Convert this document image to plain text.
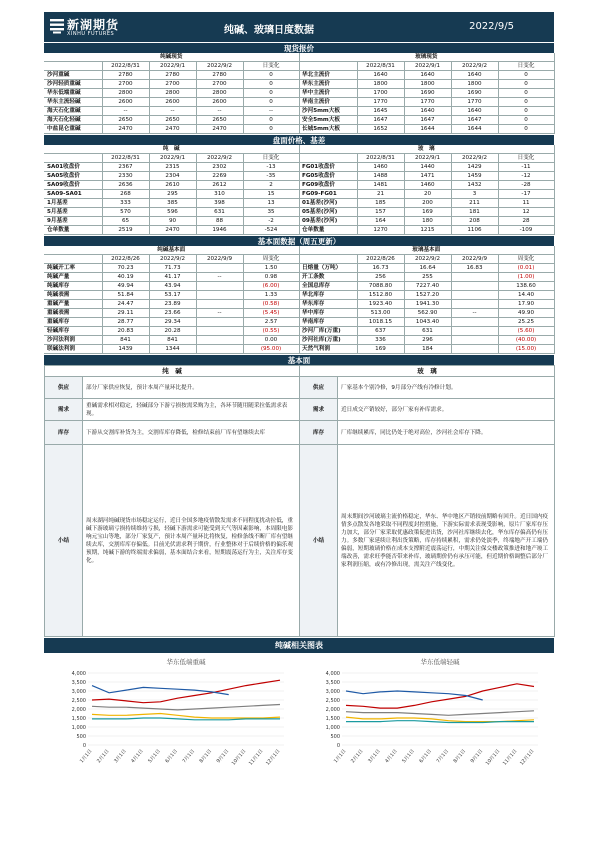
新湖期货
XINHU FUTURES	纯碱、玻璃日度数据	2022/9/5
现货报价
纯碱现货				
	2022/8/31	2022/9/1	2022/9/2	日变化
沙河重碱	2780	2780	2780	0
沙河轻质重碱	2700	2700	2700	0
华东低端重碱	2800	2800	2800	0
华东主流轻碱	2600	2600	2600	0
海天石化重碱	--	--	--	--
海天石化轻碱	2650	2650	2650	0
中盐昆仑重碱	2470	2470	2470	0
玻璃现货				
	2022/8/31	2022/9/1	2022/9/2	日变化
华北主流价	1640	1640	1640	0
华东主流价	1800	1800	1800	0
华中主流价	1700	1690	1690	0
华南主流价	1770	1770	1770	0
沙河5mm大板	1645	1640	1640	0
安全5mm大板	1647	1647	1647	0
长城5mm大板	1652	1644	1644	0
盘面价格、基差
纯　碱				
	2022/8/31	2022/9/1	2022/9/2	日变化
SA01收盘价	2367	2315	2302	-13
SA05收盘价	2330	2304	2269	-35
SA09收盘价	2636	2610	2612	2
SA09-SA01	268	295	310	15
1月基差	333	385	398	13
5月基差	570	596	631	35
9月基差	65	90	88	-2
仓单数量	2519	2470	1946	-524
玻　璃				
	2022/8/31	2022/9/1	2022/9/2	日变化
FG01收盘价	1460	1440	1429	-11
FG05收盘价	1488	1471	1459	-12
FG09收盘价	1481	1460	1432	-28
FG09-FG01	21	20	3	-17
01基差(沙河)	185	200	211	11
05基差(沙河)	157	169	181	12
09基差(沙河)	164	180	208	28
仓单数量	1270	1215	1106	-109
基本面数据（周五更新）
纯碱基本面				
	2022/8/26	2022/9/2	2022/9/9	周变化
纯碱开工率	70.23	71.73		1.50
纯碱产量	40.19	41.17	--	0.98
纯碱库存	49.94	43.94		(6.00)
纯碱表需	51.84	53.17		1.33
重碱产量	24.47	23.89		(0.58)
重碱表需	29.11	23.66	--	(5.45)
重碱库存	28.77	29.34		2.57
轻碱库存	20.83	20.28		(0.55)
沙河法利润	841	841		0.00
联碱法利润	1439	1344		(95.00)
玻璃基本面				
	2022/8/26	2022/9/2	2022/9/9	周变化
日熔量（万吨）	16.73	16.64	16.83	(0.01)
开工条数	256	255		(1.00)
全国总库存	7088.80	7227.40		138.60
华北库存	1512.80	1527.20		14.40
华东库存	1923.40	1941.30		17.90
华中库存	513.00	562.90	--	49.90
华南库存	1018.15	1043.40		25.25
沙河厂库(万重)	637	631		(5.60)
沙河社库(万重)	336	296		(40.00)
天然气利润	169	184		(15.00)
基本面
纯　碱		玻　璃	
供应	部分厂家供应恢复，预计本周产量环比提升。	供应	厂家基本个别冷修，9月部分产线有冷修计划。
需求	重碱需求相对稳定，轻碱部分下游亏损按需采购为主，各环节随用随采拉低需求表现。	需求	近日成交产销较好，部分厂家有补库需求。
库存	下游从交割库补货为主，交割库库存降低，检修结束前厂库有望继续去库	库存	厂库继续累库，同比仍处于绝对高位，沙河社会库存下降。
小结	周末湖河纯碱现货市场稳定运行，近日全国多地疫情散发需求不同程度扰动拉低，重碱下游玻璃亏损持续维持亏损，轻碱下游需求可能受到天气等因素影响，本周限电影响元宝山等地，部分厂家复产，预计本周产量环比将恢复，检修条线不断厂库有望继续去库，交割库库存偏低。目前光伏需求利于期价，行业整体对于后续价格的偏乐观预期，纯碱下游的终端需求偏弱，基本面结合来看，短期震荡运行为主，关注库存变化。	小结	周末期间沙河玻璃主流价格稳定，华东、华中地区产销较前期略有回升。近日国内疫情多点散发各地采取不同程度封控措施，下游实际需求表现受影响，原片厂家库存压力加大，部分厂家采取优惠政策促进出货，沙河社库继续去化，华东库存偏高仍有压力。多数厂家延续让利出货策略，库存持续累积，需求仍处淡季，终端地产开工端仍偏弱，短期玻璃价格在成本支撑附近震荡运行，中期关注保交楼政策推进和地产竣工端改善，需求旺季能否带来补库，玻璃期价仍有承压可能，但近期价格调整后部分厂家利润压缩，或有冷修出现，需关注产线变化。
纯碱相关图表
华东低端重碱
0
500
1,000
1,500
2,000
2,500
3,000
3,500
4,000
1月1日 2月1日 3月1日 4月1日 5月1日 6月1日 7月1日 8月1日 9月1日 10月1日 11月1日 12月1日
华东低端轻碱
0
500
1,000
1,500
2,000
2,500
3,000
3,500
4,000
1月1日 2月1日 3月1日 4月1日 5月1日 6月1日 7月1日 8月1日 9月1日 10月1日 11月1日 12月1日
